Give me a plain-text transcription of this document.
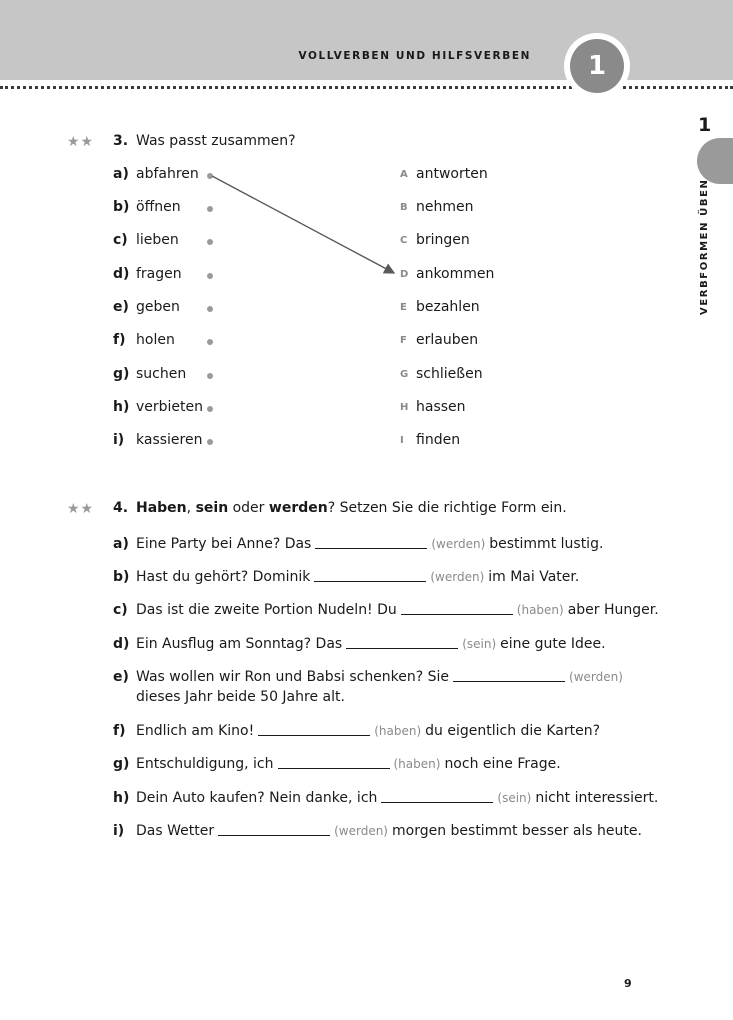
VOLLVERBEN UND HILFSVERBEN	1
1
VERBFORMEN ÜBEN
★★ 3. Was passt zusammen?
a) abfahren	A antworten
b) öffnen	B nehmen
c) lieben	C bringen
d) fragen	D ankommen
e) geben	E bezahlen
f) holen	F erlauben
g) suchen	G schließen
h) verbieten	H hassen
i) kassieren	I finden
★★ 4. Haben, sein oder werden? Setzen Sie die richtige Form ein.
a) Eine Party bei Anne? Das	(werden) bestimmt lustig.
b) Hast du gehört? Dominik	(werden) im Mai Vater.
c) Das ist die zweite Portion Nudeln! Du	(haben) aber Hunger.
d) Ein Ausflug am Sonntag? Das	(sein) eine gute Idee.
e) Was wollen wir Ron und Babsi schenken? Sie	(werden)
dieses Jahr beide 50 Jahre alt.
f) Endlich am Kino!	(haben) du eigentlich die Karten?
g) Entschuldigung, ich	(haben) noch eine Frage.
h) Dein Auto kaufen? Nein danke, ich	(sein) nicht interessiert.
i) Das Wetter	(werden) morgen bestimmt besser als heute.
9
